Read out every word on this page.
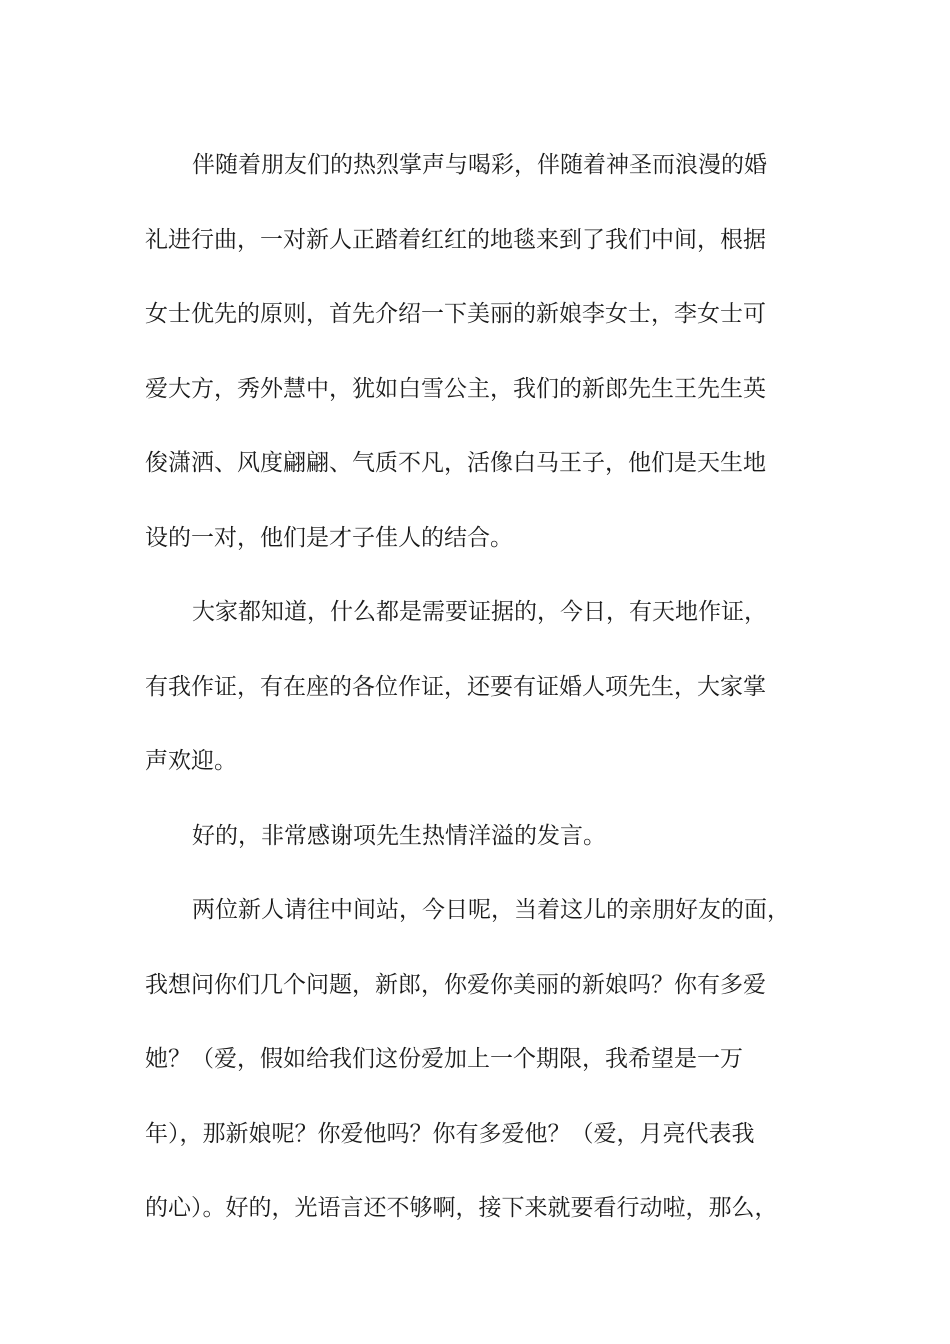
伴随着朋友们的热烈掌声与喝彩，伴随着神圣而浪漫的婚
礼进行曲，一对新人正踏着红红的地毯来到了我们中间，根据
女士优先的原则，首先介绍一下美丽的新娘李女士，李女士可
爱大方，秀外慧中，犹如白雪公主，我们的新郎先生王先生英
俊潇洒、风度翩翩、气质不凡，活像白马王子，他们是天生地
设的一对，他们是才子佳人的结合。
大家都知道，什么都是需要证据的，今日，有天地作证，
有我作证，有在座的各位作证，还要有证婚人项先生，大家掌
声欢迎。
好的，非常感谢项先生热情洋溢的发言。
两位新人请往中间站，今日呢，当着这儿的亲朋好友的面，
我想问你们几个问题，新郎，你爱你美丽的新娘吗？你有多爱
她？（爱，假如给我们这份爱加上一个期限，我希望是一万
年），那新娘呢？你爱他吗？你有多爱他？（爱，月亮代表我
的心）。好的，光语言还不够啊，接下来就要看行动啦，那么，
